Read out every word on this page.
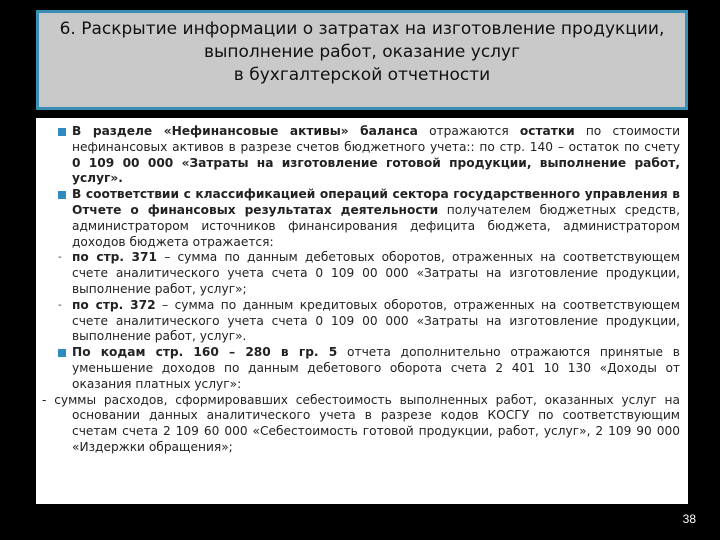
6. Раскрытие информации о затратах на изготовление продукции,
выполнение работ, оказание услуг
в бухгалтерской отчетности

В разделе «Нефинансовые активы» баланса отражаются остатки по стоимости нефинансовых активов в разрезе счетов бюджетного учета:: по стр. 140 – остаток по счету 0 109 00 000 «Затраты на изготовление готовой продукции, выполнение работ, услуг».

В соответствии с классификацией операций сектора государственного управления в Отчете о финансовых результатах деятельности получателем бюджетных средств, администратором источников финансирования дефицита бюджета, администратором доходов бюджета отражается:

- по стр. 371 – сумма по данным дебетовых оборотов, отраженных на соответствующем счете аналитического учета счета 0 109 00 000 «Затраты на изготовление продукции, выполнение работ, услуг»;

- по стр. 372 – сумма по данным кредитовых оборотов, отраженных на соответствующем счете аналитического учета счета 0 109 00 000 «Затраты на изготовление продукции, выполнение работ, услуг».

По кодам стр. 160 – 280 в гр. 5 отчета дополнительно отражаются принятые в уменьшение доходов по данным дебетового оборота счета 2 401 10 130 «Доходы от оказания платных услуг»:

- суммы расходов, сформировавших себестоимость выполненных работ, оказанных услуг на основании данных аналитического учета в разрезе кодов КОСГУ по соответствующим счетам счета 2 109 60 000 «Себестоимость готовой продукции, работ, услуг», 2 109 90 000 «Издержки обращения»;

38
